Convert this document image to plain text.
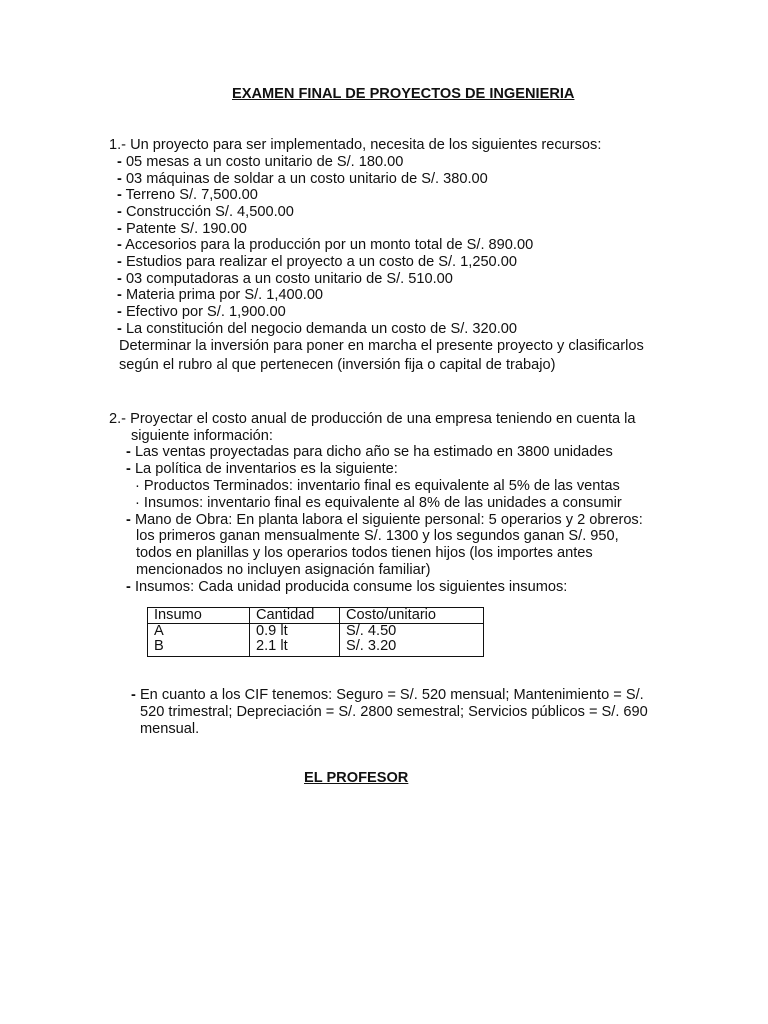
EXAMEN FINAL DE PROYECTOS DE INGENIERIA
1.- Un proyecto para ser implementado, necesita de los siguientes recursos:
- 05 mesas a un costo unitario de S/. 180.00
- 03 máquinas de soldar a un costo unitario de S/. 380.00
- Terreno S/. 7,500.00
- Construcción S/. 4,500.00
- Patente S/. 190.00
- Accesorios para la producción por un monto total de S/. 890.00
- Estudios para realizar el proyecto a un costo de S/. 1,250.00
- 03 computadoras a un costo unitario de S/. 510.00
- Materia prima por S/. 1,400.00
- Efectivo por S/. 1,900.00
- La constitución del negocio demanda un costo de S/. 320.00
Determinar la inversión para poner en marcha el presente proyecto y clasificarlos
según el rubro al que pertenecen (inversión fija o capital de trabajo)
2.- Proyectar el costo anual de producción de una empresa teniendo en cuenta la
siguiente información:
- Las ventas proyectadas para dicho año se ha estimado en 3800 unidades
- La política de inventarios es la siguiente:
· Productos Terminados: inventario final es equivalente al 5% de las ventas
· Insumos: inventario final es equivalente al 8% de las unidades a consumir
- Mano de Obra: En planta labora el siguiente personal: 5 operarios y 2 obreros:
los primeros ganan mensualmente S/. 1300 y los segundos ganan S/. 950,
todos en planillas y los operarios todos tienen hijos (los importes antes
mencionados no incluyen asignación familiar)
- Insumos: Cada unidad producida consume los siguientes insumos:
Insumo	Cantidad	Costo/unitario
A	0.9 lt	S/. 4.50
B	2.1 lt	S/. 3.20
- En cuanto a los CIF tenemos: Seguro = S/. 520 mensual; Mantenimiento = S/.
520 trimestral; Depreciación = S/. 2800 semestral; Servicios públicos = S/. 690
mensual.
EL PROFESOR
